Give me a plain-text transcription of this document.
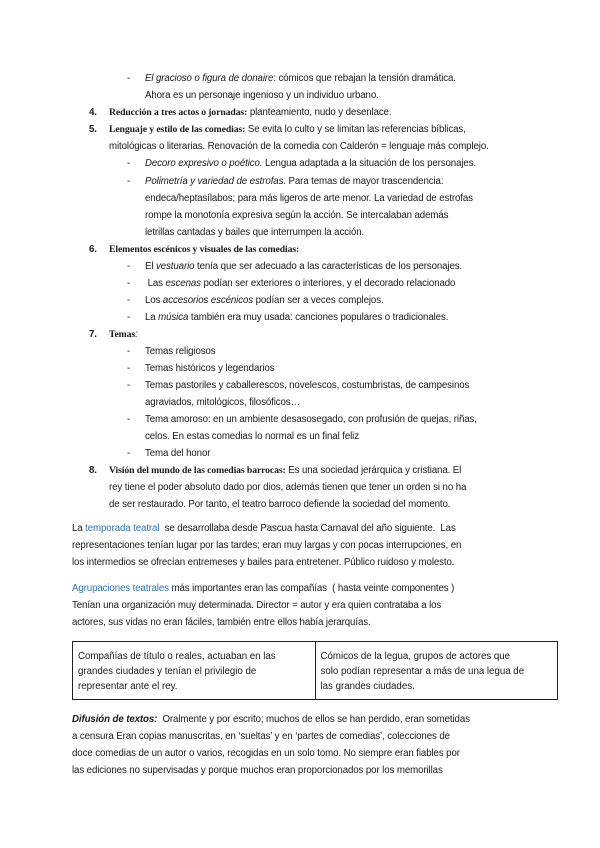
- El gracioso o figura de donaire: cómicos que rebajan la tensión dramática.
Ahora es un personaje ingenioso y un individuo urbano.
4. Reducción a tres actos o jornadas: planteamiento, nudo y desenlace.
5. Lenguaje y estilo de las comedias: Se evita lo culto y se limitan las referencias bíblicas,
mitológicas o literarias. Renovación de la comedia con Calderón = lenguaje más complejo.
- Decoro expresivo o poético. Lengua adaptada a la situación de los personajes.
- Polimetría y variedad de estrofas. Para temas de mayor trascendencia:
endeca/heptasílabos; para más ligeros de arte menor. La variedad de estrofas
rompe la monotonía expresiva según la acción. Se intercalaban además
letrillas cantadas y bailes que interrumpen la acción.
6. Elementos escénicos y visuales de las comedias:
- El vestuario tenía que ser adecuado a las características de los personajes.
- Las escenas podían ser exteriores o interiores, y el decorado relacionado
- Los accesorios escénicos podían ser a veces complejos.
- La música también era muy usada: canciones populares o tradicionales.
7. Temas:
- Temas religiosos
- Temas históricos y legendarios
- Temas pastoriles y caballerescos, novelescos, costumbristas, de campesinos
agraviados, mitológicos, filosóficos…
- Tema amoroso: en un ambiente desasosegado, con profusión de quejas, riñas,
celos. En estas comedias lo normal es un final feliz
- Tema del honor
8. Visión del mundo de las comedias barrocas: Es una sociedad jerárquica y cristiana. El
rey tiene el poder absoluto dado por dios, además tienen que tener un orden si no ha
de ser restaurado. Por tanto, el teatro barroco defiende la sociedad del momento.
La temporada teatral  se desarrollaba desde Pascua hasta Carnaval del año siguiente.  Las
representaciones tenían lugar por las tardes; eran muy largas y con pocas interrupciones, en
los intermedios se ofrecían entremeses y bailes para entretener. Público ruidoso y molesto.
Agrupaciones teatrales más importantes eran las compañías  ( hasta veinte componentes )
Tenían una organización muy determinada. Director = autor y era quien contrataba a los
actores, sus vidas no eran fáciles, también entre ellos había jerarquías.
Compañías de título o reales, actuaban en las
grandes ciudades y tenían el privilegio de
representar ante el rey.

Cómicos de la legua, grupos de actores que
solo podían representar a más de una legua de
las grandes ciudades.
Difusión de textos:  Oralmente y por escrito; muchos de ellos se han perdido, eran sometidas
a censura Eran copias manuscritas, en ‘sueltas’ y en ‘partes de comedias’, colecciones de
doce comedias de un autor o varios, recogidas en un solo tomo. No siempre eran fiables por
las ediciones no supervisadas y porque muchos eran proporcionados por los memorillas
